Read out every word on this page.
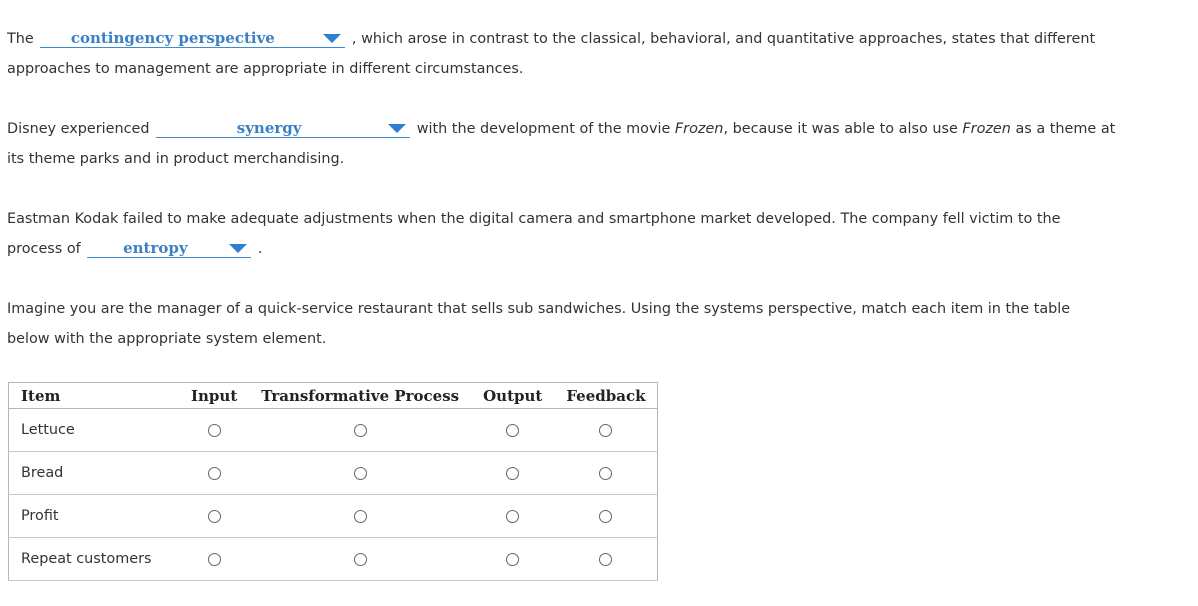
The contingency perspective	, which arose in contrast to the classical, behavioral, and quantitative approaches, states that different
approaches to management are appropriate in different circumstances.
Disney experienced	synergy	with the development of the movie Frozen, because it was able to also use Frozen as a theme at
its theme parks and in product merchandising.
Eastman Kodak failed to make adequate adjustments when the digital camera and smartphone market developed. The company fell victim to the
process of	entropy	.
Imagine you are the manager of a quick-service restaurant that sells sub sandwiches. Using the systems perspective, match each item in the table
below with the appropriate system element.
Item	Input	Transformative Process	Output	Feedback
Lettuce				
Bread				
Profit				
Repeat customers				
